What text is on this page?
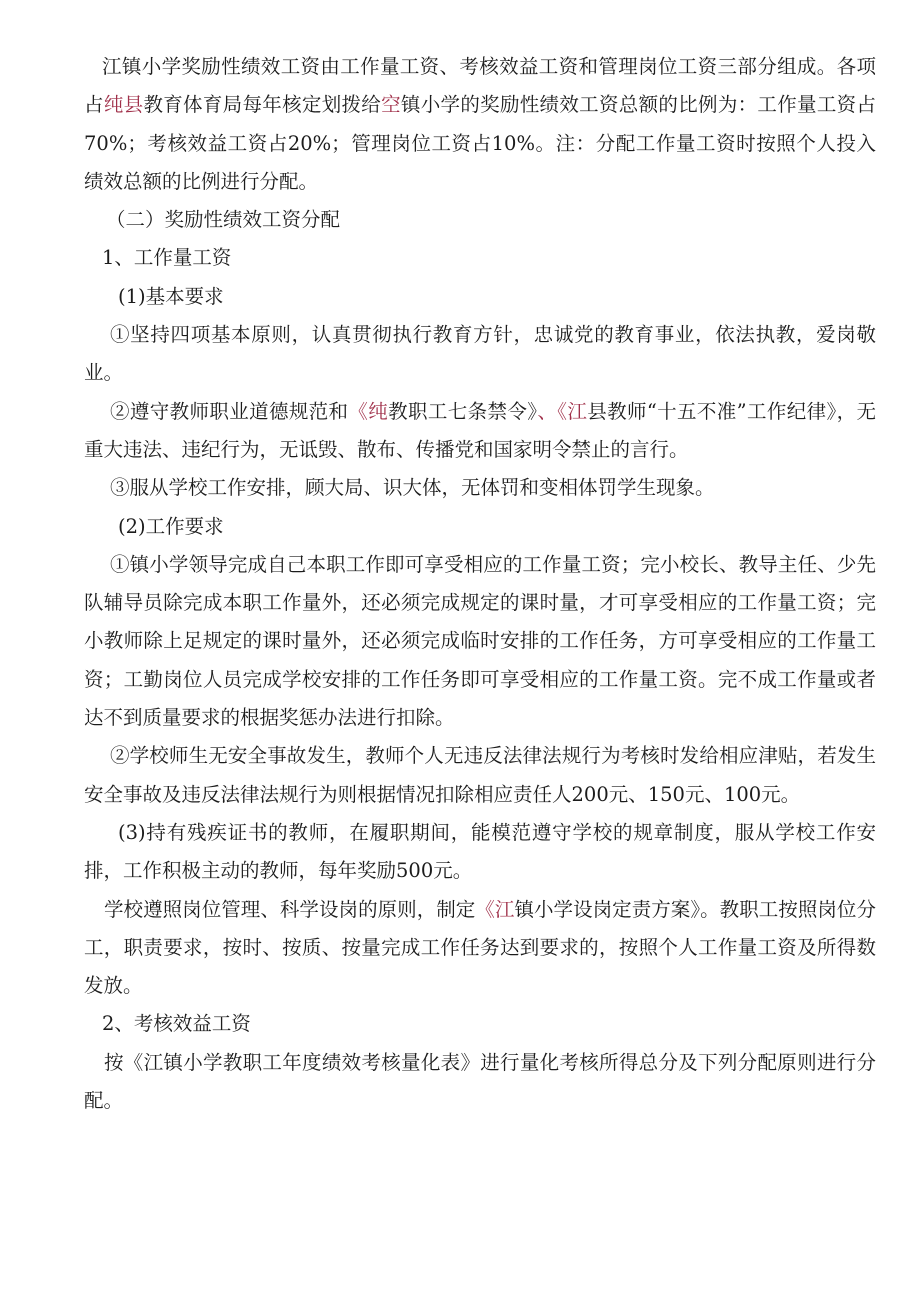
江镇小学奖励性绩效工资由工作量工资、考核效益工资和管理岗位工资三部分组成。各项占纯县教育体育局每年核定划拨给空镇小学的奖励性绩效工资总额的比例为：工作量工资占70%；考核效益工资占20%；管理岗位工资占10%。注：分配工作量工资时按照个人投入绩效总额的比例进行分配。

（二）奖励性绩效工资分配

1、工作量工资

(1)基本要求

①坚持四项基本原则，认真贯彻执行教育方针，忠诚党的教育事业，依法执教，爱岗敬业。

②遵守教师职业道德规范和《纯教职工七条禁令》、《江县教师“十五不准”工作纪律》，无重大违法、违纪行为，无诋毁、散布、传播党和国家明令禁止的言行。

③服从学校工作安排，顾大局、识大体，无体罚和变相体罚学生现象。

(2)工作要求

①镇小学领导完成自己本职工作即可享受相应的工作量工资；完小校长、教导主任、少先队辅导员除完成本职工作量外，还必须完成规定的课时量，才可享受相应的工作量工资；完小教师除上足规定的课时量外，还必须完成临时安排的工作任务，方可享受相应的工作量工资；工勤岗位人员完成学校安排的工作任务即可享受相应的工作量工资。完不成工作量或者达不到质量要求的根据奖惩办法进行扣除。

②学校师生无安全事故发生，教师个人无违反法律法规行为考核时发给相应津贴，若发生安全事故及违反法律法规行为则根据情况扣除相应责任人200元、150元、100元。

(3)持有残疾证书的教师，在履职期间，能模范遵守学校的规章制度，服从学校工作安排，工作积极主动的教师，每年奖励500元。

学校遵照岗位管理、科学设岗的原则，制定《江镇小学设岗定责方案》。教职工按照岗位分工，职责要求，按时、按质、按量完成工作任务达到要求的，按照个人工作量工资及所得数发放。

2、考核效益工资

按《江镇小学教职工年度绩效考核量化表》进行量化考核所得总分及下列分配原则进行分配。
